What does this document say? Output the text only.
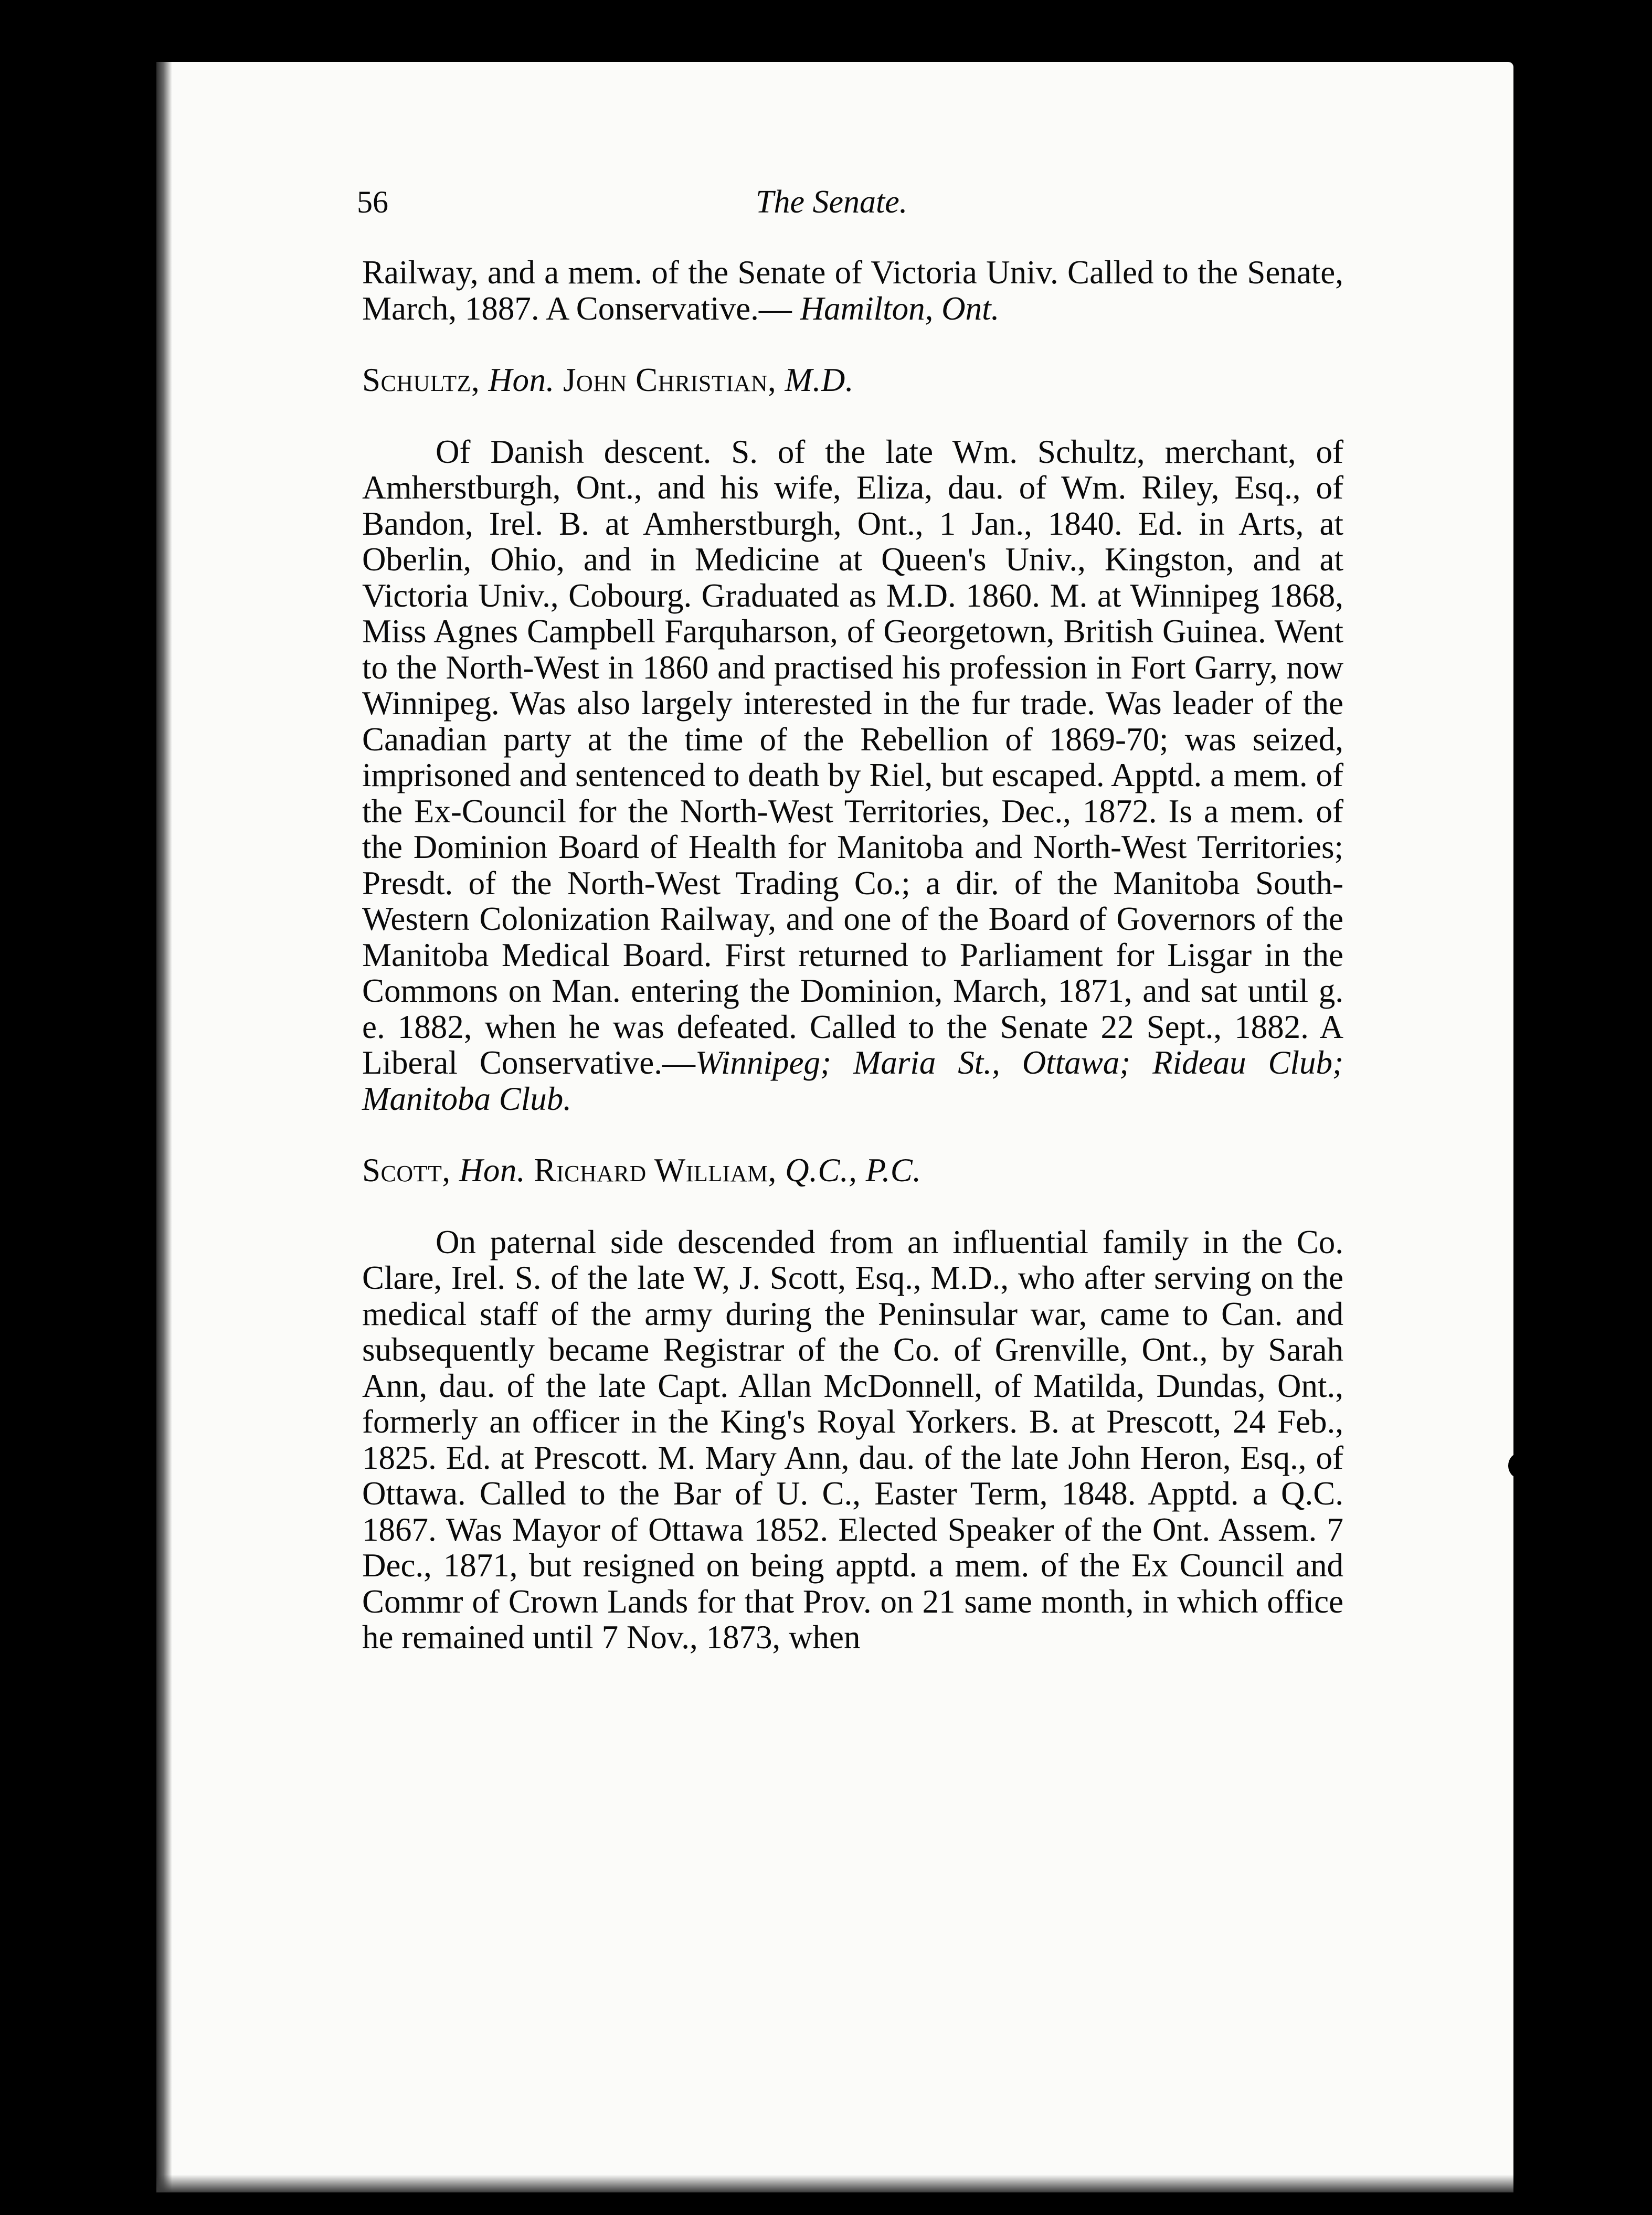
56	The Senate.

Railway, and a mem. of the Senate of Victoria Univ. Called to the Senate, March, 1887. A Conservative.— Hamilton, Ont.

Schultz, Hon. John Christian, M.D.

Of Danish descent. S. of the late Wm. Schultz, merchant, of Amherstburgh, Ont., and his wife, Eliza, dau. of Wm. Riley, Esq., of Bandon, Irel. B. at Amherstburgh, Ont., 1 Jan., 1840. Ed. in Arts, at Oberlin, Ohio, and in Medicine at Queen's Univ., Kingston, and at Victoria Univ., Cobourg. Graduated as M.D. 1860. M. at Winnipeg 1868, Miss Agnes Campbell Farquharson, of Georgetown, British Guinea. Went to the North-West in 1860 and practised his profession in Fort Garry, now Winnipeg. Was also largely interested in the fur trade. Was leader of the Canadian party at the time of the Rebellion of 1869-70; was seized, imprisoned and sentenced to death by Riel, but escaped. Apptd. a mem. of the Ex-Council for the North-West Territories, Dec., 1872. Is a mem. of the Dominion Board of Health for Manitoba and North-West Territories; Presdt. of the North-West Trading Co.; a dir. of the Manitoba South-Western Colonization Railway, and one of the Board of Governors of the Manitoba Medical Board. First returned to Parliament for Lisgar in the Commons on Man. entering the Dominion, March, 1871, and sat until g. e. 1882, when he was defeated. Called to the Senate 22 Sept., 1882. A Liberal Conservative.—Winnipeg; Maria St., Ottawa; Rideau Club; Manitoba Club.

Scott, Hon. Richard William, Q.C., P.C.

On paternal side descended from an influential family in the Co. Clare, Irel. S. of the late W, J. Scott, Esq., M.D., who after serving on the medical staff of the army during the Peninsular war, came to Can. and subsequently became Registrar of the Co. of Grenville, Ont., by Sarah Ann, dau. of the late Capt. Allan McDonnell, of Matilda, Dundas, Ont., formerly an officer in the King's Royal Yorkers. B. at Prescott, 24 Feb., 1825. Ed. at Prescott. M. Mary Ann, dau. of the late John Heron, Esq., of Ottawa. Called to the Bar of U. C., Easter Term, 1848. Apptd. a Q.C. 1867. Was Mayor of Ottawa 1852. Elected Speaker of the Ont. Assem. 7 Dec., 1871, but resigned on being apptd. a mem. of the Ex Council and Commr of Crown Lands for that Prov. on 21 same month, in which office he remained until 7 Nov., 1873, when
